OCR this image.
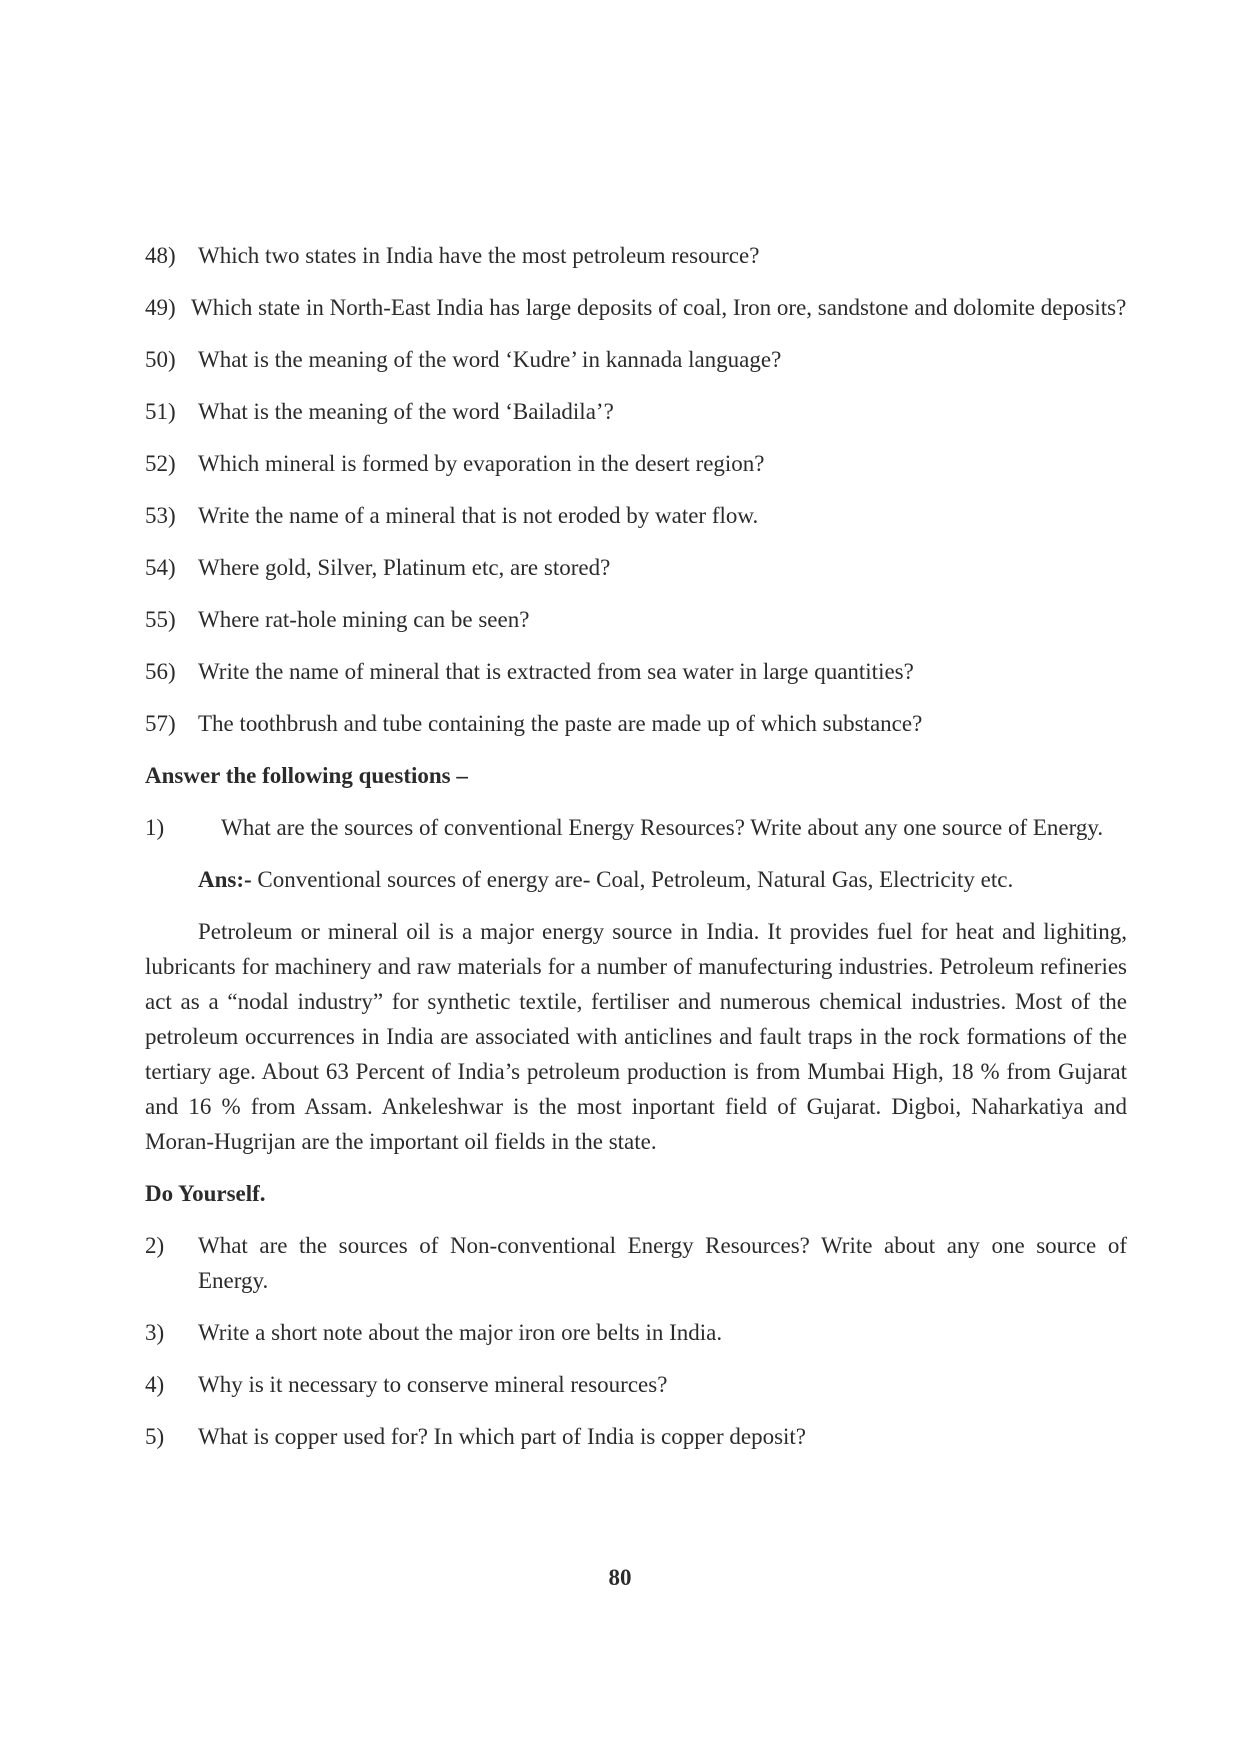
48) Which two states in India have the most petroleum resource?
49) Which state in North-East India has large deposits of coal, Iron ore, sandstone and dolomite deposits?
50) What is the meaning of the word ‘Kudre’ in kannada language?
51) What is the meaning of the word ‘Bailadila’?
52) Which mineral is formed by evaporation in the desert region?
53) Write the name of a mineral that is not eroded by water flow.
54) Where gold, Silver, Platinum etc, are stored?
55) Where rat-hole mining can be seen?
56) Write the name of mineral that is extracted from sea water in large quantities?
57) The toothbrush and tube containing the paste are made up of which substance?
Answer the following questions –
1)	What are the sources of conventional Energy Resources? Write about any one source of Energy.
Ans:- Conventional sources of energy are- Coal, Petroleum, Natural Gas, Electricity etc.
Petroleum or mineral oil is a major energy source in India. It provides fuel for heat and lighiting, lubricants for machinery and raw materials for a number of manufecturing industries. Petroleum refineries act as a “nodal industry” for synthetic textile, fertiliser and numerous chemical industries. Most of the petroleum occurrences in India are associated with anticlines and fault traps in the rock formations of the tertiary age. About 63 Percent of India’s petroleum production is from Mumbai High, 18 % from Gujarat and 16 % from Assam. Ankeleshwar is the most inportant field of Gujarat. Digboi, Naharkatiya and Moran-Hugrijan are the important oil fields in the state.
Do Yourself.
2)	What are the sources of Non-conventional Energy Resources? Write about any one source of Energy.
3)	Write a short note about the major iron ore belts in India.
4)	Why is it necessary to conserve mineral resources?
5)	What is copper used for? In which part of India is copper deposit?
80
